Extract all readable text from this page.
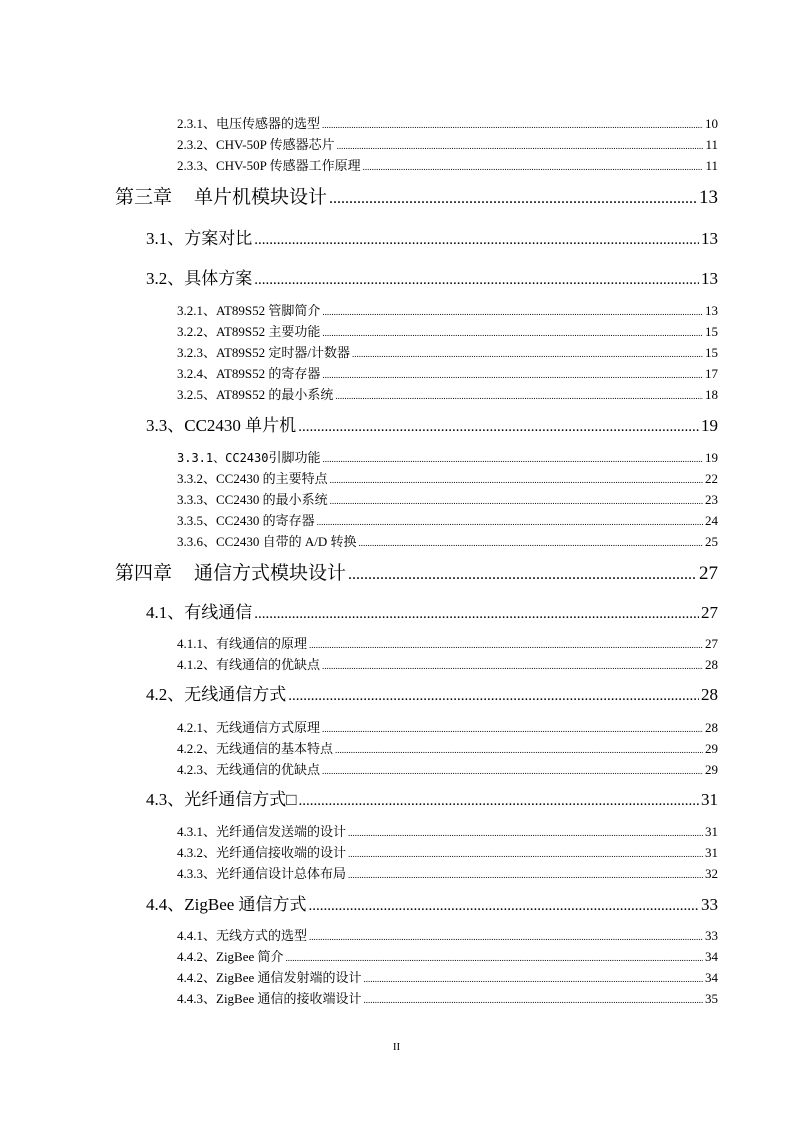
2.3.1、电压传感器的选型 .....	10
2.3.2、CHV-50P 传感器芯片 .....	11
2.3.3、CHV-50P 传感器工作原理 .....	11
第三章 单片机模块设计 .....	13
3.1、方案对比 .....	13
3.2、具体方案 .....	13
3.2.1、AT89S52 管脚简介 .....	13
3.2.2、AT89S52 主要功能 .....	15
3.2.3、AT89S52 定时器/计数器 .....	15
3.2.4、AT89S52 的寄存器 .....	17
3.2.5、AT89S52 的最小系统 .....	18
3.3、CC2430 单片机 .....	19
3.3.1、CC2430引脚功能 .....	19
3.3.2、CC2430 的主要特点 .....	22
3.3.3、CC2430 的最小系统 .....	23
3.3.5、CC2430 的寄存器 .....	24
3.3.6、CC2430 自带的 A/D 转换 .....	25
第四章 通信方式模块设计 .....	27
4.1、有线通信 .....	27
4.1.1、有线通信的原理 .....	27
4.1.2、有线通信的优缺点 .....	28
4.2、无线通信方式 .....	28
4.2.1、无线通信方式原理 .....	28
4.2.2、无线通信的基本特点 .....	29
4.2.3、无线通信的优缺点 .....	29
4.3、光纤通信方式□ .....	31
4.3.1、光纤通信发送端的设计 .....	31
4.3.2、光纤通信接收端的设计 .....	31
4.3.3、光纤通信设计总体布局 .....	32
4.4、ZigBee 通信方式 .....	33
4.4.1、无线方式的选型 .....	33
4.4.2、ZigBee 简介 .....	34
4.4.2、ZigBee 通信发射端的设计 .....	34
4.4.3、ZigBee 通信的接收端设计 .....	35
II
